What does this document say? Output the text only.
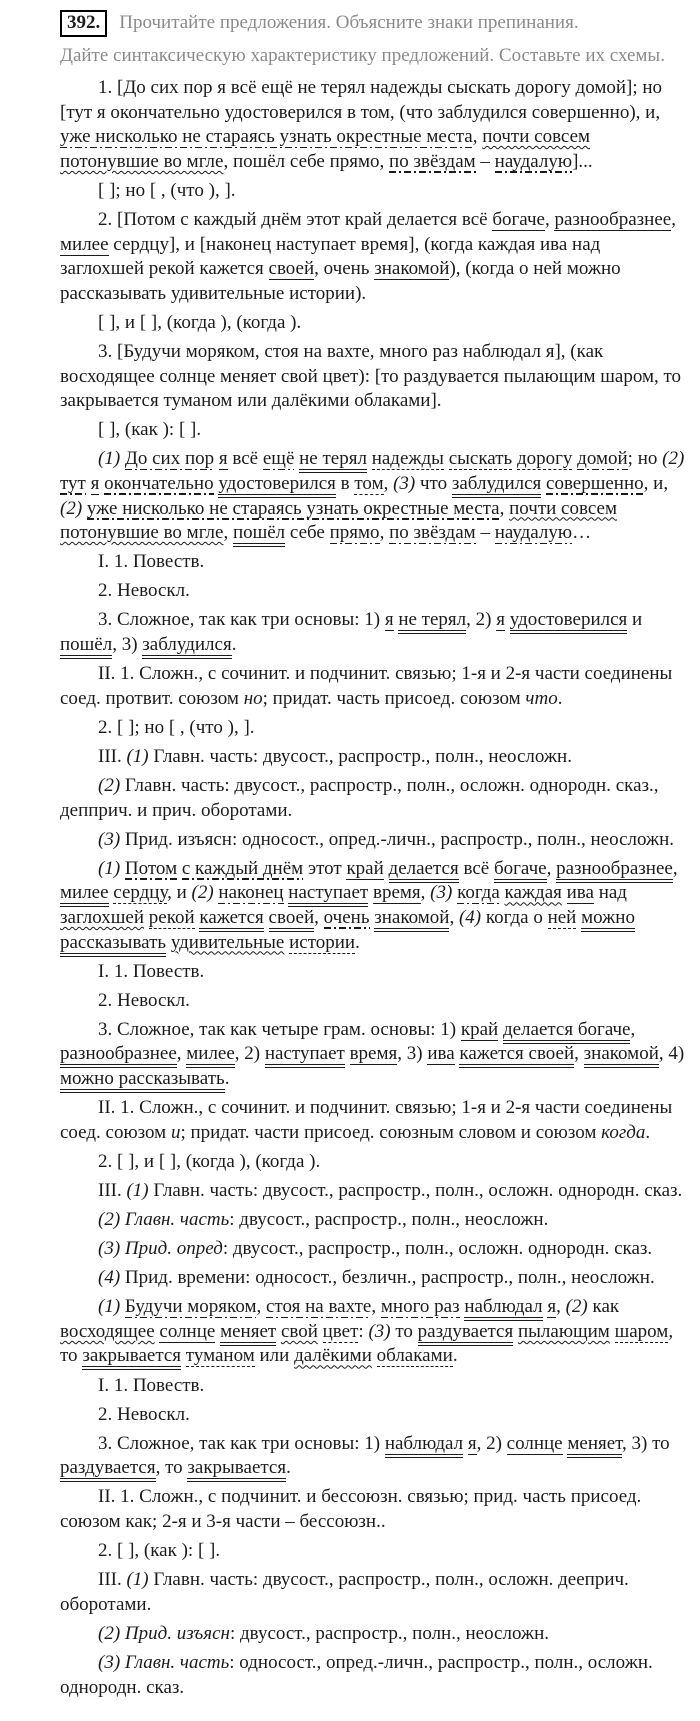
392. Прочитайте предложения. Объясните знаки препинания.
Дайте синтаксическую характеристику предложений. Составьте их схемы.

1. [До сих пор я всё ещё не терял надежды сыскать дорогу домой]; но [тут я окончательно удостоверился в том, (что заблудился совершенно), и, уже нисколько не стараясь узнать окрестные места, почти совсем потонувшие во мгле, пошёл себе прямо, по звёздам – наудалую]...

[ ]; но [ , (что ), ].

2. [Потом с каждый днём этот край делается всё богаче, разнообразнее, милее сердцу], и [наконец наступает время], (когда каждая ива над заглохшей рекой кажется своей, очень знакомой), (когда о ней можно рассказывать удивительные истории).

[ ], и [ ], (когда ), (когда ).

3. [Будучи моряком, стоя на вахте, много раз наблюдал я], (как восходящее солнце меняет свой цвет): [то раздувается пылающим шаром, то закрывается туманом или далёкими облаками].

[ ], (как ): [ ].

(1) До сих пор я всё ещё не терял надежды сыскать дорогу домой; но (2) тут я окончательно удостоверился в том, (3) что заблудился совершенно, и, (2) уже нисколько не стараясь узнать окрестные места, почти совсем потонувшие во мгле, пошёл себе прямо, по звёздам – наудалую…

I. 1. Повеств.

2. Невоскл.

3. Сложное, так как три основы: 1) я не терял, 2) я удостоверился и пошёл, 3) заблудился.

II. 1. Сложн., с сочинит. и подчинит. связью; 1-я и 2-я части соединены соед. протвит. союзом но; придат. часть присоед. союзом что.

2. [ ]; но [ , (что ), ].

III. (1) Главн. часть: двусост., распростр., полн., неосложн.

(2) Главн. часть: двусост., распростр., полн., осложн. однородн. сказ., депприч. и прич. оборотами.

(3) Прид. изъясн: односост., опред.-личн., распростр., полн., неосложн.

(1) Потом с каждый днём этот край делается всё богаче, разнообразнее, милее сердцу, и (2) наконец наступает время, (3) когда каждая ива над заглохшей рекой кажется своей, очень знакомой, (4) когда о ней можно рассказывать удивительные истории.

I. 1. Повеств.

2. Невоскл.

3. Сложное, так как четыре грам. основы: 1) край делается богаче, разнообразнее, милее, 2) наступает время, 3) ива кажется своей, знакомой, 4) можно рассказывать.

II. 1. Сложн., с сочинит. и подчинит. связью; 1-я и 2-я части соединены соед. союзом и; придат. части присоед. союзным словом и союзом когда.

2. [ ], и [ ], (когда ), (когда ).

III. (1) Главн. часть: двусост., распростр., полн., осложн. однородн. сказ.

(2) Главн. часть: двусост., распростр., полн., неосложн.

(3) Прид. опред: двусост., распростр., полн., осложн. однородн. сказ.

(4) Прид. времени: односост., безличн., распростр., полн., неосложн.

(1) Будучи моряком, стоя на вахте, много раз наблюдал я, (2) как восходящее солнце меняет свой цвет: (3) то раздувается пылающим шаром, то закрывается туманом или далёкими облаками.

I. 1. Повеств.

2. Невоскл.

3. Сложное, так как три основы: 1) наблюдал я, 2) солнце меняет, 3) то раздувается, то закрывается.

II. 1. Сложн., с подчинит. и бессоюзн. связью; прид. часть присоед. союзом как; 2-я и 3-я части – бессоюзн..

2. [ ], (как ): [ ].

III. (1) Главн. часть: двусост., распростр., полн., осложн. дееприч. оборотами.

(2) Прид. изъясн: двусост., распростр., полн., неосложн.

(3) Главн. часть: односост., опред.-личн., распростр., полн., осложн. однородн. сказ.
